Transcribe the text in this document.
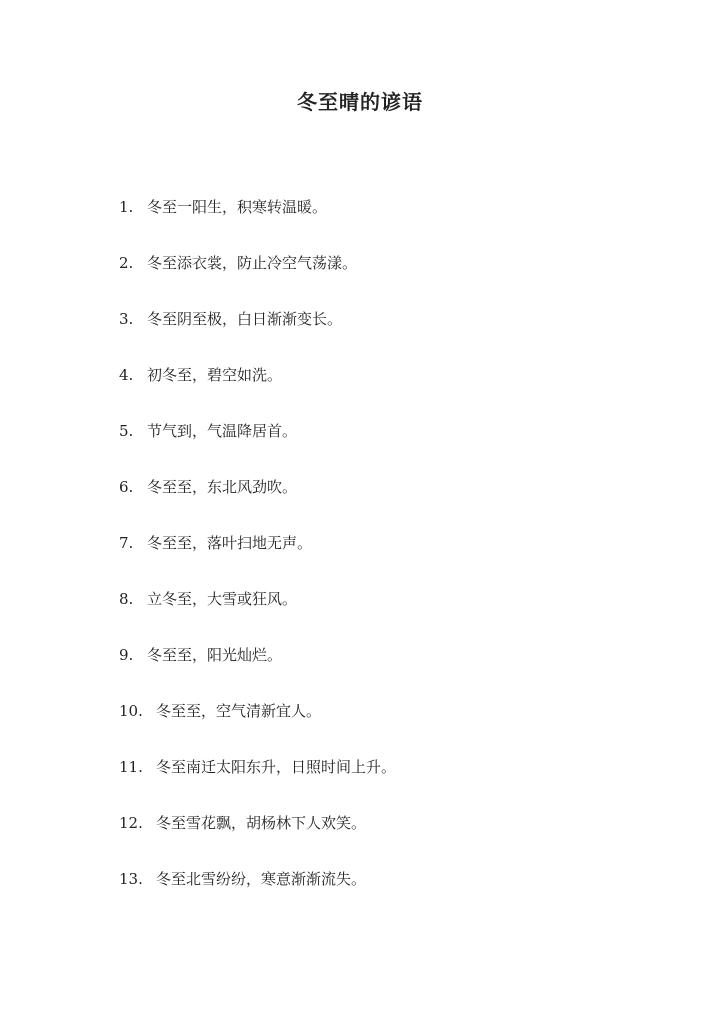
冬至晴的谚语
1. 冬至一阳生，积寒转温暖。
2. 冬至添衣裳，防止冷空气荡漾。
3. 冬至阴至极，白日渐渐变长。
4. 初冬至，碧空如洗。
5. 节气到，气温降居首。
6. 冬至至，东北风劲吹。
7. 冬至至，落叶扫地无声。
8. 立冬至，大雪或狂风。
9. 冬至至，阳光灿烂。
10. 冬至至，空气清新宜人。
11. 冬至南迁太阳东升，日照时间上升。
12. 冬至雪花飘，胡杨林下人欢笑。
13. 冬至北雪纷纷，寒意渐渐流失。
